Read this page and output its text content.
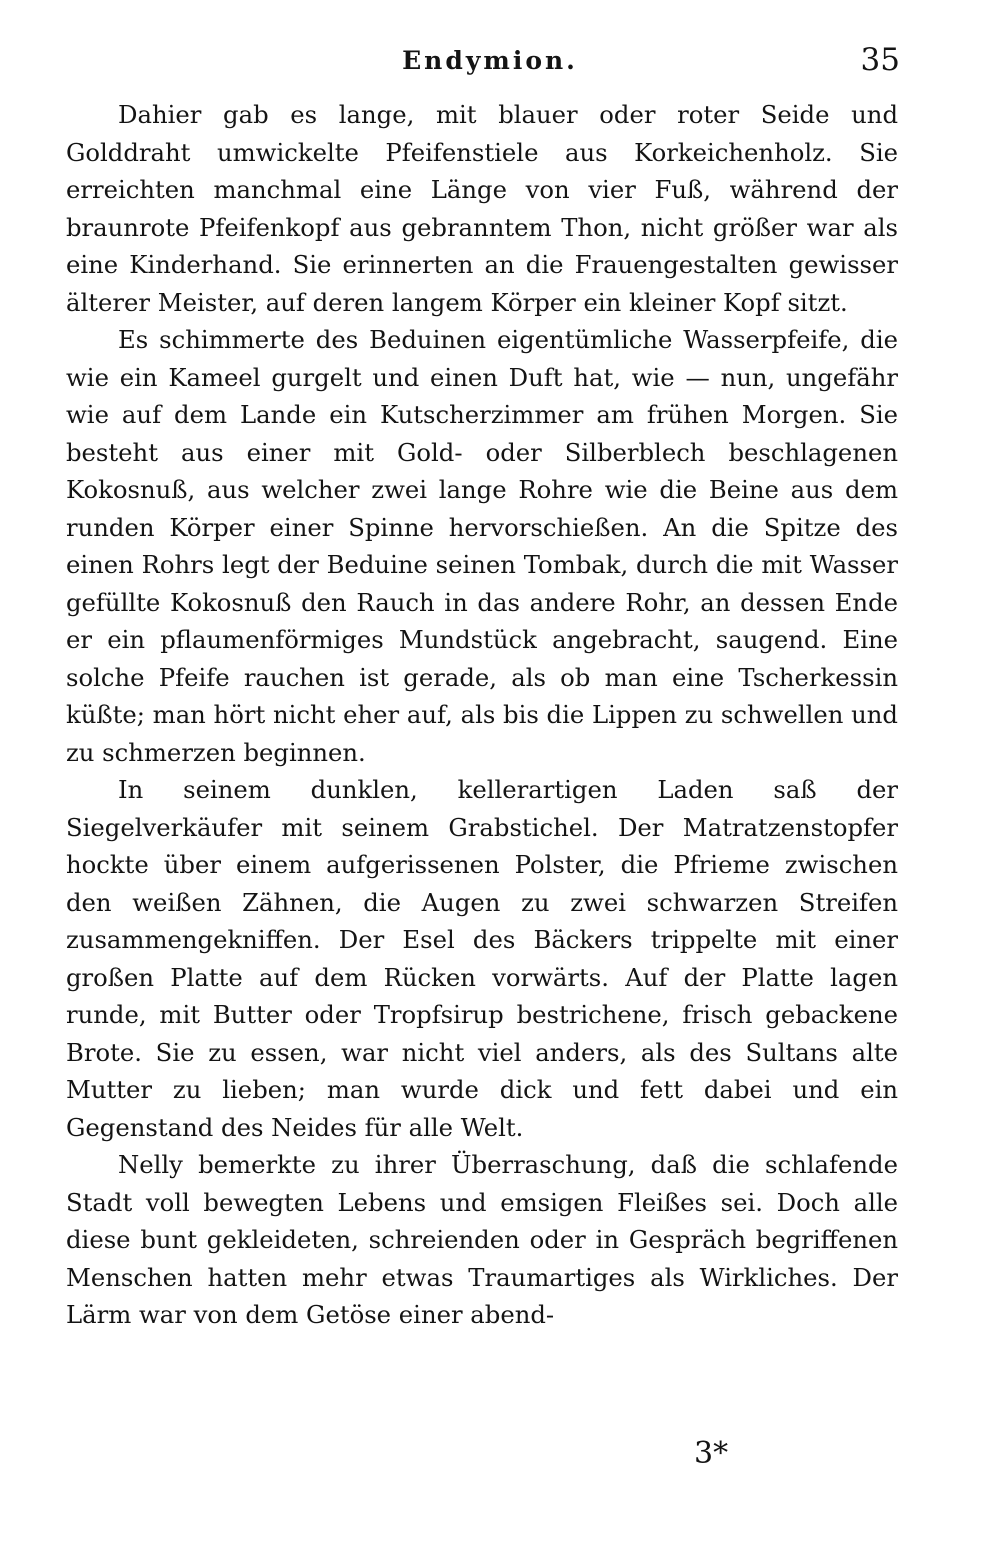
Endymion.	35

Dahier gab es lange, mit blauer oder roter Seide und Golddraht umwickelte Pfeifenstiele aus Korkeichenholz. Sie erreichten manchmal eine Länge von vier Fuß, während der braunrote Pfeifenkopf aus gebranntem Thon, nicht größer war als eine Kinderhand. Sie erinnerten an die Frauengestalten gewisser älterer Meister, auf deren langem Körper ein kleiner Kopf sitzt.

Es schimmerte des Beduinen eigentümliche Wasserpfeife, die wie ein Kameel gurgelt und einen Duft hat, wie — nun, ungefähr wie auf dem Lande ein Kutscherzimmer am frühen Morgen. Sie besteht aus einer mit Gold- oder Silberblech beschlagenen Kokosnuß, aus welcher zwei lange Rohre wie die Beine aus dem runden Körper einer Spinne hervorschießen. An die Spitze des einen Rohrs legt der Beduine seinen Tombak, durch die mit Wasser gefüllte Kokosnuß den Rauch in das andere Rohr, an dessen Ende er ein pflaumenförmiges Mundstück angebracht, saugend. Eine solche Pfeife rauchen ist gerade, als ob man eine Tscherkessin küßte; man hört nicht eher auf, als bis die Lippen zu schwellen und zu schmerzen beginnen.

In seinem dunklen, kellerartigen Laden saß der Siegelverkäufer mit seinem Grabstichel. Der Matratzenstopfer hockte über einem aufgerissenen Polster, die Pfrieme zwischen den weißen Zähnen, die Augen zu zwei schwarzen Streifen zusammengekniffen. Der Esel des Bäckers trippelte mit einer großen Platte auf dem Rücken vorwärts. Auf der Platte lagen runde, mit Butter oder Tropfsirup bestrichene, frisch gebackene Brote. Sie zu essen, war nicht viel anders, als des Sultans alte Mutter zu lieben; man wurde dick und fett dabei und ein Gegenstand des Neides für alle Welt.

Nelly bemerkte zu ihrer Überraschung, daß die schlafende Stadt voll bewegten Lebens und emsigen Fleißes sei. Doch alle diese bunt gekleideten, schreienden oder in Gespräch begriffenen Menschen hatten mehr etwas Traumartiges als Wirkliches. Der Lärm war von dem Getöse einer abend-

3*
